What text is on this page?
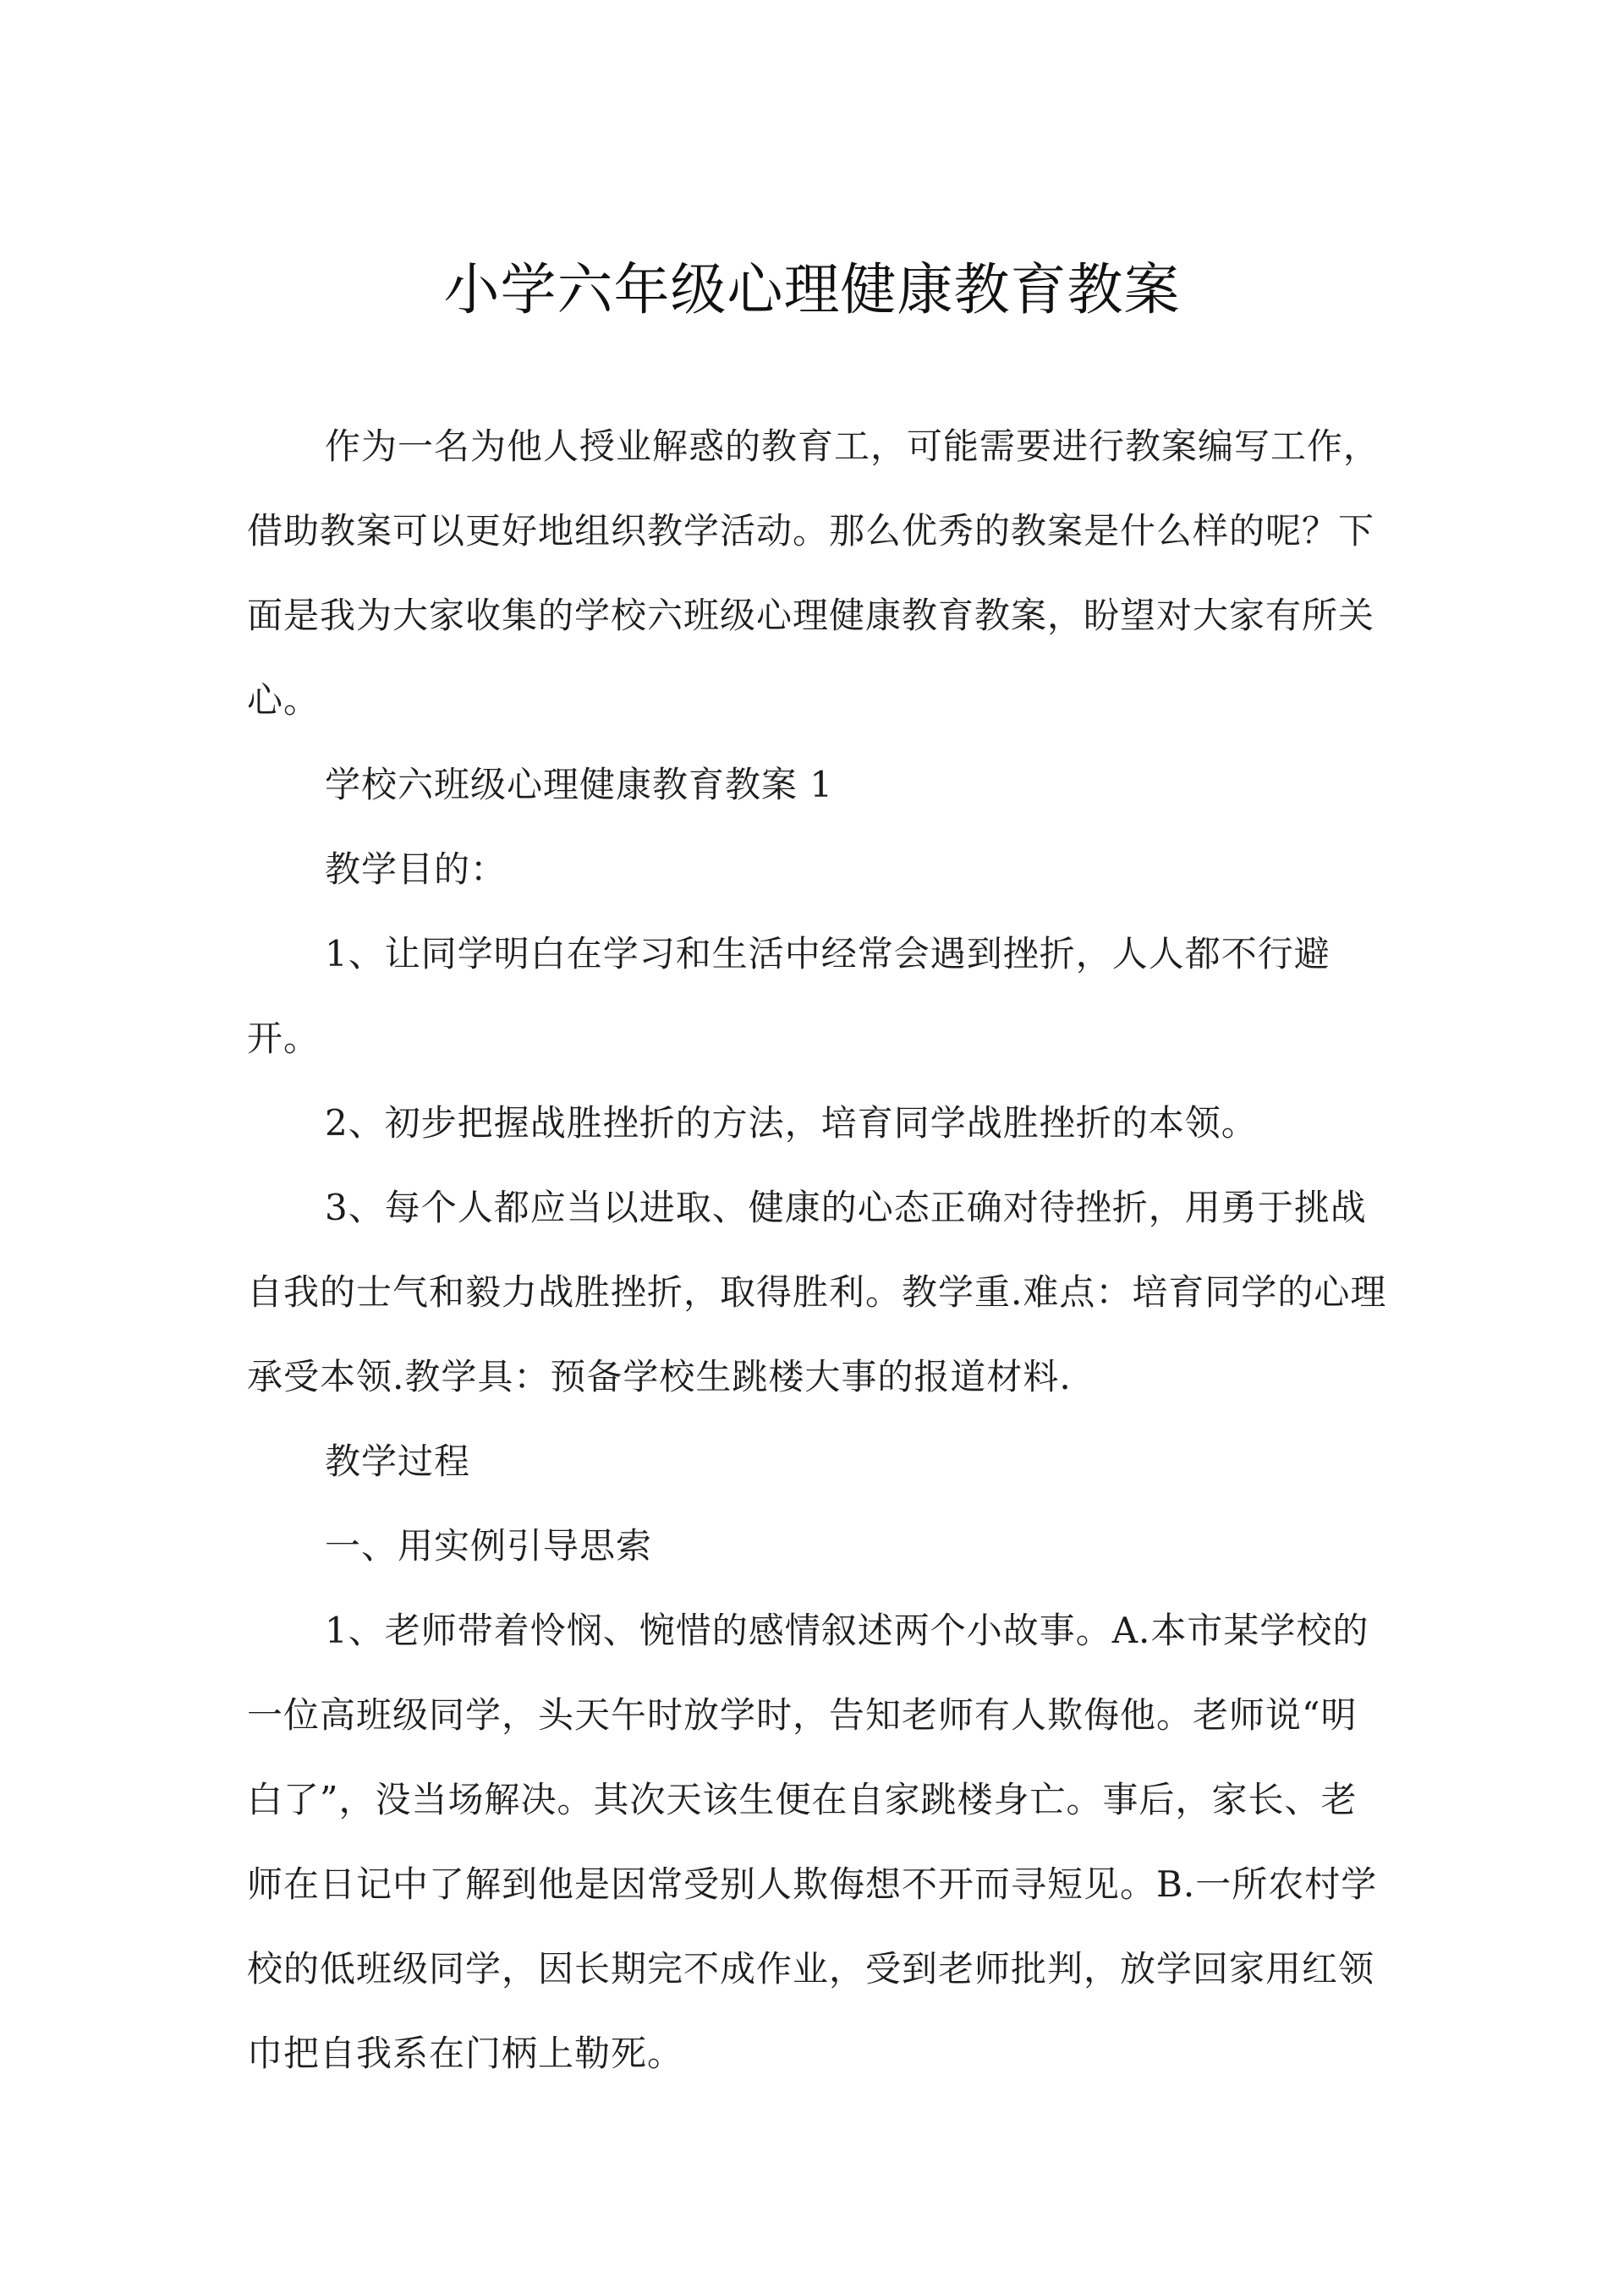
小学六年级心理健康教育教案

作为一名为他人授业解惑的教育工，可能需要进行教案编写工作，借助教案可以更好地组织教学活动。那么优秀的教案是什么样的呢？下面是我为大家收集的学校六班级心理健康教育教案，盼望对大家有所关心。

学校六班级心理健康教育教案 1

教学目的：

1、让同学明白在学习和生活中经常会遇到挫折，人人都不行避开。

2、初步把握战胜挫折的方法，培育同学战胜挫折的本领。

3、每个人都应当以进取、健康的心态正确对待挫折，用勇于挑战自我的士气和毅力战胜挫折，取得胜利。教学重.难点：培育同学的心理承受本领.教学具：预备学校生跳楼大事的报道材料.

教学过程

一、用实例引导思索

1、老师带着怜悯、惋惜的感情叙述两个小故事。A.本市某学校的一位高班级同学，头天午时放学时，告知老师有人欺侮他。老师说“明白了”，没当场解决。其次天该生便在自家跳楼身亡。事后，家长、老师在日记中了解到他是因常受别人欺侮想不开而寻短见。B.一所农村学校的低班级同学，因长期完不成作业，受到老师批判，放学回家用红领巾把自我系在门柄上勒死。
